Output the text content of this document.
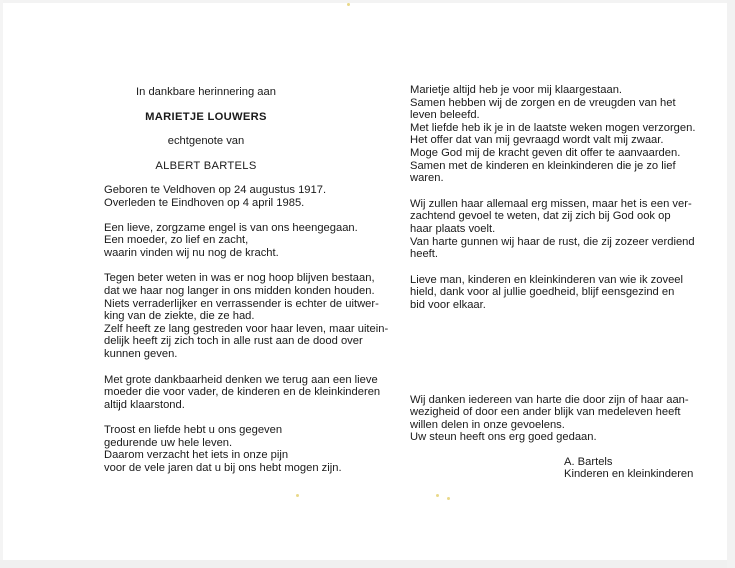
In dankbare herinnering aan

MARIETJE LOUWERS

echtgenote van

ALBERT BARTELS

Geboren te Veldhoven op 24 augustus 1917.

Overleden te Eindhoven op 4 april 1985.

Een lieve, zorgzame engel is van ons heengegaan.

Een moeder, zo lief en zacht,

waarin vinden wij nu nog de kracht.

Tegen beter weten in was er nog hoop blijven bestaan,

dat we haar nog langer in ons midden konden houden.

Niets verraderlijker en verrassender is echter de uitwer-

king van de ziekte, die ze had.

Zelf heeft ze lang gestreden voor haar leven, maar uitein-

delijk heeft zij zich toch in alle rust aan de dood over

kunnen geven.

Met grote dankbaarheid denken we terug aan een lieve

moeder die voor vader, de kinderen en de kleinkinderen

altijd klaarstond.

Troost en liefde hebt u ons gegeven

gedurende uw hele leven.

Daarom verzacht het iets in onze pijn

voor de vele jaren dat u bij ons hebt mogen zijn.

Marietje altijd heb je voor mij klaargestaan.

Samen hebben wij de zorgen en de vreugden van het

leven beleefd.

Met liefde heb ik je in de laatste weken mogen verzorgen.

Het offer dat van mij gevraagd wordt valt mij zwaar.

Moge God mij de kracht geven dit offer te aanvaarden.

Samen met de kinderen en kleinkinderen die je zo lief

waren.

Wij zullen haar allemaal erg missen, maar het is een ver-

zachtend gevoel te weten, dat zij zich bij God ook op

haar plaats voelt.

Van harte gunnen wij haar de rust, die zij zozeer verdiend

heeft.

Lieve man, kinderen en kleinkinderen van wie ik zoveel

hield, dank voor al jullie goedheid, blijf eensgezind en

bid voor elkaar.

Wij danken iedereen van harte die door zijn of haar aan-

wezigheid of door een ander blijk van medeleven heeft

willen delen in onze gevoelens.

Uw steun heeft ons erg goed gedaan.

A. Bartels

Kinderen en kleinkinderen
